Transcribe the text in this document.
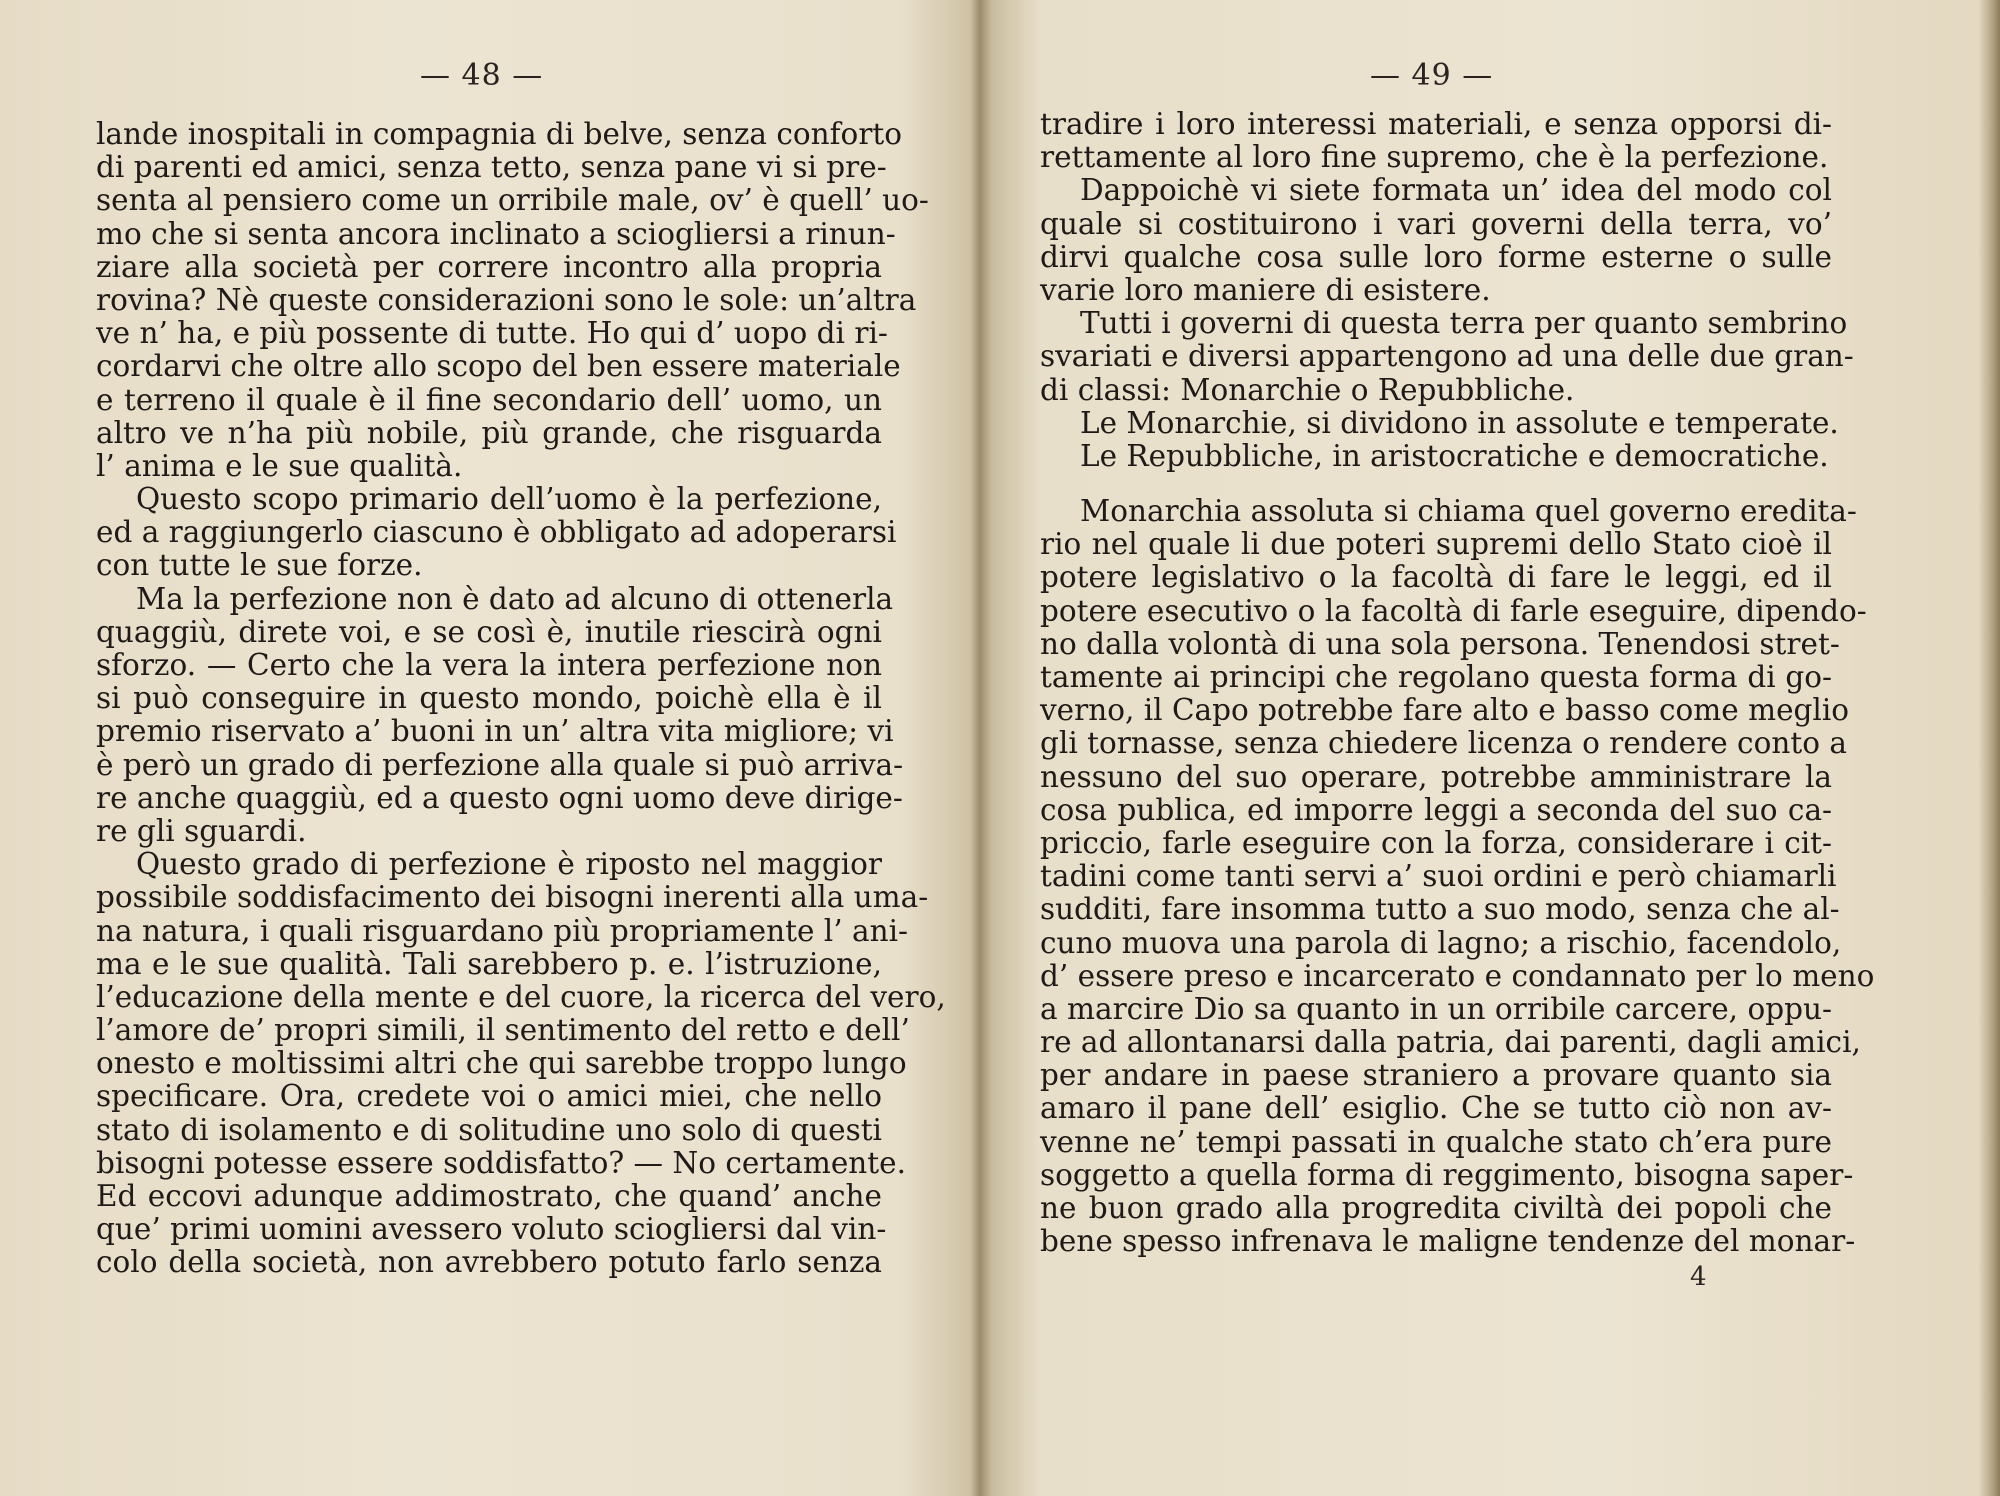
— 48 —
lande inospitali in compagnia di belve, senza conforto
di parenti ed amici, senza tetto, senza pane vi si pre-
senta al pensiero come un orribile male, ov’ è quell’ uo-
mo che si senta ancora inclinato a sciogliersi a rinun-
ziare alla società per correre incontro alla propria
rovina? Nè queste considerazioni sono le sole: un’altra
ve n’ ha, e più possente di tutte. Ho qui d’ uopo di ri-
cordarvi che oltre allo scopo del ben essere materiale
e terreno il quale è il fine secondario dell’ uomo, un
altro ve n’ha più nobile, più grande, che risguarda
l’ anima e le sue qualità.
Questo scopo primario dell’uomo è la perfezione,
ed a raggiungerlo ciascuno è obbligato ad adoperarsi
con tutte le sue forze.
Ma la perfezione non è dato ad alcuno di ottenerla
quaggiù, direte voi, e se così è, inutile riescirà ogni
sforzo. — Certo che la vera la intera perfezione non
si può conseguire in questo mondo, poichè ella è il
premio riservato a’ buoni in un’ altra vita migliore; vi
è però un grado di perfezione alla quale si può arriva-
re anche quaggiù, ed a questo ogni uomo deve dirige-
re gli sguardi.
Questo grado di perfezione è riposto nel maggior
possibile soddisfacimento dei bisogni inerenti alla uma-
na natura, i quali risguardano più propriamente l’ ani-
ma e le sue qualità. Tali sarebbero p. e. l’istruzione,
l’educazione della mente e del cuore, la ricerca del vero,
l’amore de’ propri simili, il sentimento del retto e dell’
onesto e moltissimi altri che qui sarebbe troppo lungo
specificare. Ora, credete voi o amici miei, che nello
stato di isolamento e di solitudine uno solo di questi
bisogni potesse essere soddisfatto? — No certamente.
Ed eccovi adunque addimostrato, che quand’ anche
que’ primi uomini avessero voluto sciogliersi dal vin-
colo della società, non avrebbero potuto farlo senza
— 49 —
tradire i loro interessi materiali, e senza opporsi di-
rettamente al loro fine supremo, che è la perfezione.
Dappoichè vi siete formata un’ idea del modo col
quale si costituirono i vari governi della terra, vo’
dirvi qualche cosa sulle loro forme esterne o sulle
varie loro maniere di esistere.
Tutti i governi di questa terra per quanto sembrino
svariati e diversi appartengono ad una delle due gran-
di classi: Monarchie o Repubbliche.
Le Monarchie, si dividono in assolute e temperate.
Le Repubbliche, in aristocratiche e democratiche.
Monarchia assoluta si chiama quel governo eredita-
rio nel quale li due poteri supremi dello Stato cioè il
potere legislativo o la facoltà di fare le leggi, ed il
potere esecutivo o la facoltà di farle eseguire, dipendo-
no dalla volontà di una sola persona. Tenendosi stret-
tamente ai principi che regolano questa forma di go-
verno, il Capo potrebbe fare alto e basso come meglio
gli tornasse, senza chiedere licenza o rendere conto a
nessuno del suo operare, potrebbe amministrare la
cosa publica, ed imporre leggi a seconda del suo ca-
priccio, farle eseguire con la forza, considerare i cit-
tadini come tanti servi a’ suoi ordini e però chiamarli
sudditi, fare insomma tutto a suo modo, senza che al-
cuno muova una parola di lagno; a rischio, facendolo,
d’ essere preso e incarcerato e condannato per lo meno
a marcire Dio sa quanto in un orribile carcere, oppu-
re ad allontanarsi dalla patria, dai parenti, dagli amici,
per andare in paese straniero a provare quanto sia
amaro il pane dell’ esiglio. Che se tutto ciò non av-
venne ne’ tempi passati in qualche stato ch’era pure
soggetto a quella forma di reggimento, bisogna saper-
ne buon grado alla progredita civiltà dei popoli che
bene spesso infrenava le maligne tendenze del monar-
4
